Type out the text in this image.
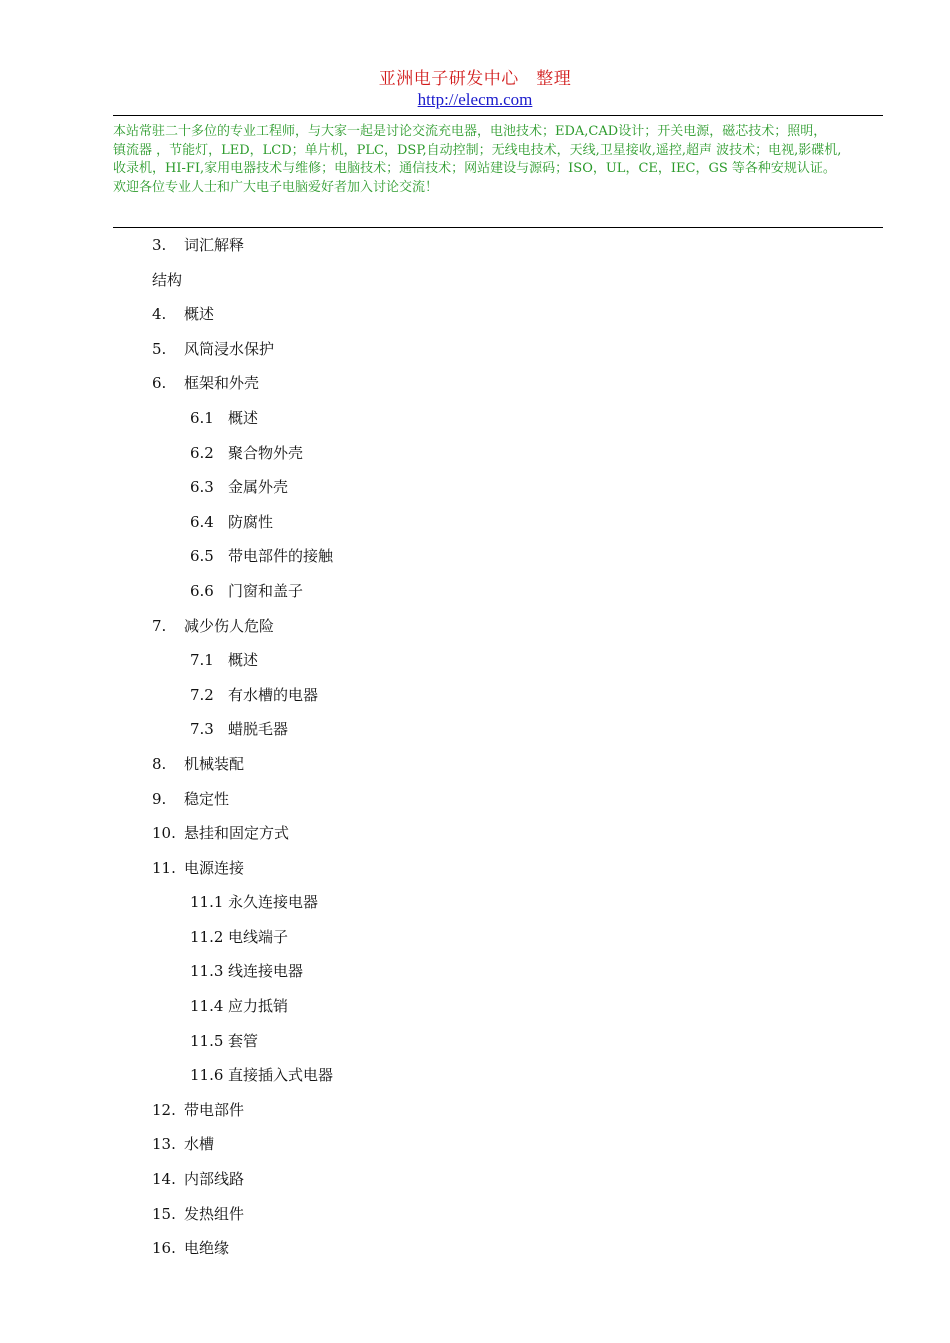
亚洲电子研发中心　整理
http://elecm.com

本站常驻二十多位的专业工程师，与大家一起是讨论交流充电器，电池技术；EDA,CAD设计；开关电源，磁芯技术；照明，
镇流器 ，节能灯，LED，LCD；单片机，PLC，DSP,自动控制；无线电技术，天线,卫星接收,遥控,超声 波技术；电视,影碟机,
收录机，HI-FI,家用电器技术与维修；电脑技术；通信技术；网站建设与源码；ISO，UL，CE，IEC，GS 等各种安规认证。
欢迎各位专业人士和广大电子电脑爱好者加入讨论交流！

3. 词汇解释
结构
4. 概述
5. 风筒浸水保护
6. 框架和外壳
6.1 概述
6.2 聚合物外壳
6.3 金属外壳
6.4 防腐性
6.5 带电部件的接触
6.6 门窗和盖子
7. 减少伤人危险
7.1 概述
7.2 有水槽的电器
7.3 蜡脱毛器
8. 机械装配
9. 稳定性
10. 悬挂和固定方式
11. 电源连接
11.1 永久连接电器
11.2 电线端子
11.3 线连接电器
11.4 应力抵销
11.5 套管
11.6 直接插入式电器
12. 带电部件
13. 水槽
14. 内部线路
15. 发热组件
16. 电绝缘
